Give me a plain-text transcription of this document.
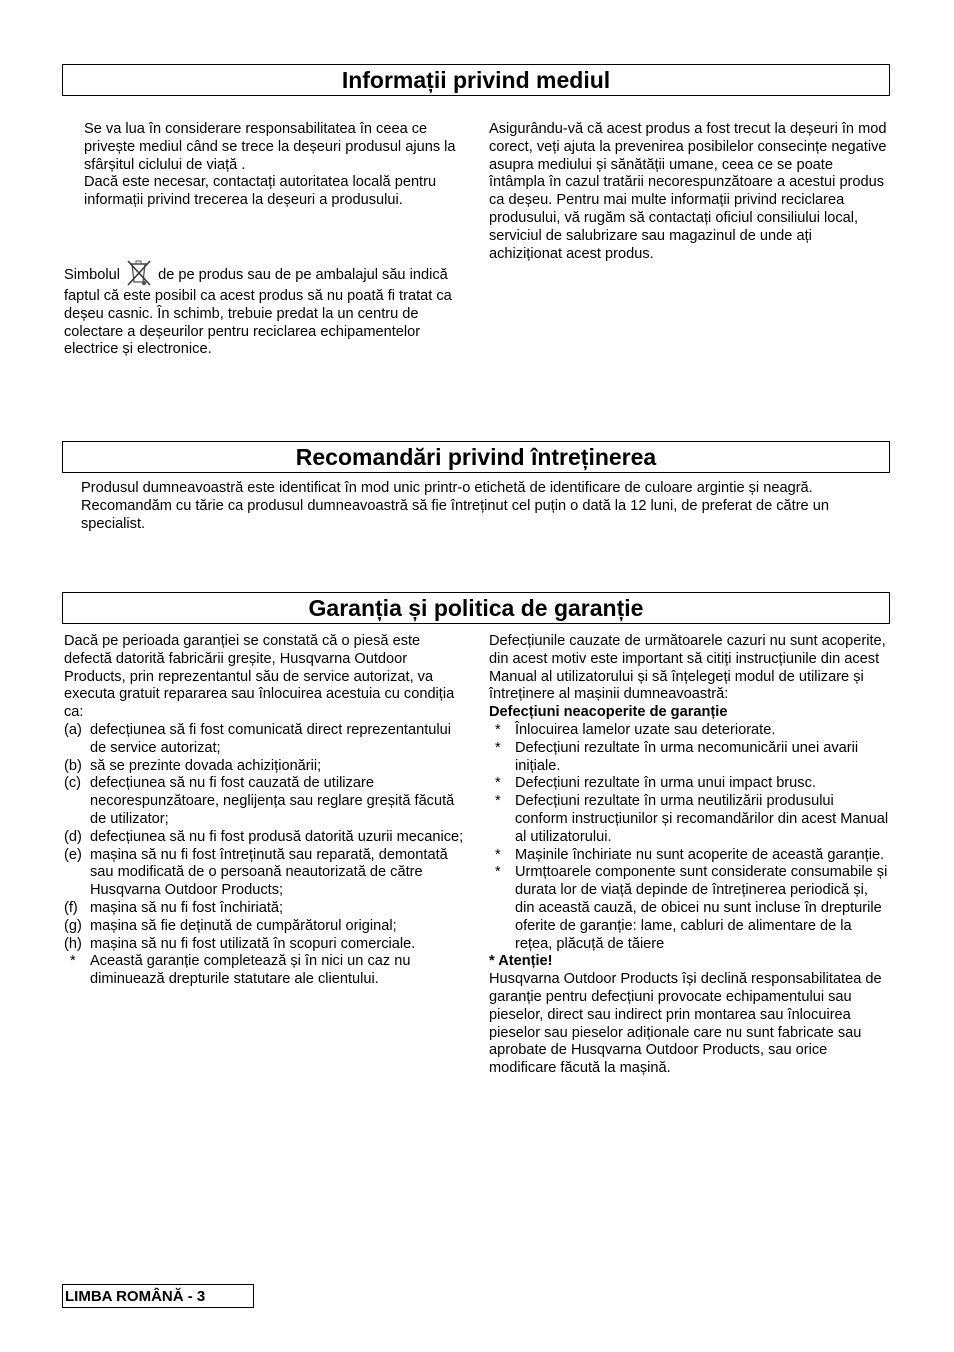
Informații privind mediul

Se va lua în considerare responsabilitatea în ceea ce privește mediul când se trece la deșeuri produsul ajuns la sfârșitul ciclului de viață .

Dacă este necesar, contactați autoritatea locală pentru informații privind trecerea la deșeuri a produsului.

Simbolul	de pe produs sau de pe ambalajul său indică faptul că este posibil ca acest produs să nu poată fi tratat ca deșeu casnic. În schimb, trebuie predat la un centru de colectare a deșeurilor pentru reciclarea echipamentelor electrice și electronice.

Asigurându-vă că acest produs a fost trecut la deșeuri în mod corect, veți ajuta la prevenirea posibilelor consecințe negative asupra mediului și sănătății umane, ceea ce se poate întâmpla în cazul tratării necorespunzătoare a acestui produs ca deșeu. Pentru mai multe informații privind reciclarea produsului, vă rugăm să contactați oficiul consiliului local, serviciul de salubrizare sau magazinul de unde ați achiziționat acest produs.

Recomandări privind întreținerea

Produsul dumneavoastră este identificat în mod unic printr-o etichetă de identificare de culoare argintie și neagră.

Recomandăm cu tărie ca produsul dumneavoastră să fie întreținut cel puțin o dată la 12 luni, de preferat de către un specialist.

Garanția și politica de garanție

Dacă pe perioada garanției se constată că o piesă este defectă datorită fabricării greșite, Husqvarna Outdoor Products, prin reprezentantul său de service autorizat, va executa gratuit repararea sau înlocuirea acestuia cu condiția ca:

(a) defecțiunea să fi fost comunicată direct reprezentantului de service autorizat;
(b) să se prezinte dovada achiziționării;
(c) defecțiunea să nu fi fost cauzată de utilizare necorespunzătoare, neglijența sau reglare greșită făcută de utilizator;
(d) defecțiunea să nu fi fost produsă datorită uzurii mecanice;
(e) mașina să nu fi fost întreținută sau reparată, demontată sau modificată de o persoană neautorizată de către Husqvarna Outdoor Products;
(f) mașina să nu fi fost închiriată;
(g) mașina să fie deținută de cumpărătorul original;
(h) mașina să nu fi fost utilizată în scopuri comerciale.
* Această garanție completează și în nici un caz nu diminuează drepturile statutare ale clientului.

Defecțiunile cauzate de următoarele cazuri nu sunt acoperite, din acest motiv este important să citiți instrucțiunile din acest Manual al utilizatorului și să înțelegeți modul de utilizare și întreținere al mașinii dumneavoastră:

Defecțiuni neacoperite de garanție

* Înlocuirea lamelor uzate sau deteriorate.
* Defecțiuni rezultate în urma necomunicării unei avarii inițiale.
* Defecțiuni rezultate în urma unui impact brusc.
* Defecțiuni rezultate în urma neutilizării produsului conform instrucțiunilor și recomandărilor din acest Manual al utilizatorului.
* Mașinile închiriate nu sunt acoperite de această garanție.
* Urmțtoarele componente sunt considerate consumabile și durata lor de viață depinde de întreținerea periodică și, din această cauză, de obicei nu sunt incluse în drepturile oferite de garanție: lame, cabluri de alimentare de la rețea, plăcuță de tăiere

* Atenție!

Husqvarna Outdoor Products își declină responsabilitatea de garanție pentru defecțiuni provocate echipamentului sau pieselor, direct sau indirect prin montarea sau înlocuirea pieselor sau pieselor adiționale care nu sunt fabricate sau aprobate de Husqvarna Outdoor Products, sau orice modificare făcută la mașină.

LIMBA ROMÂNĂ - 3
